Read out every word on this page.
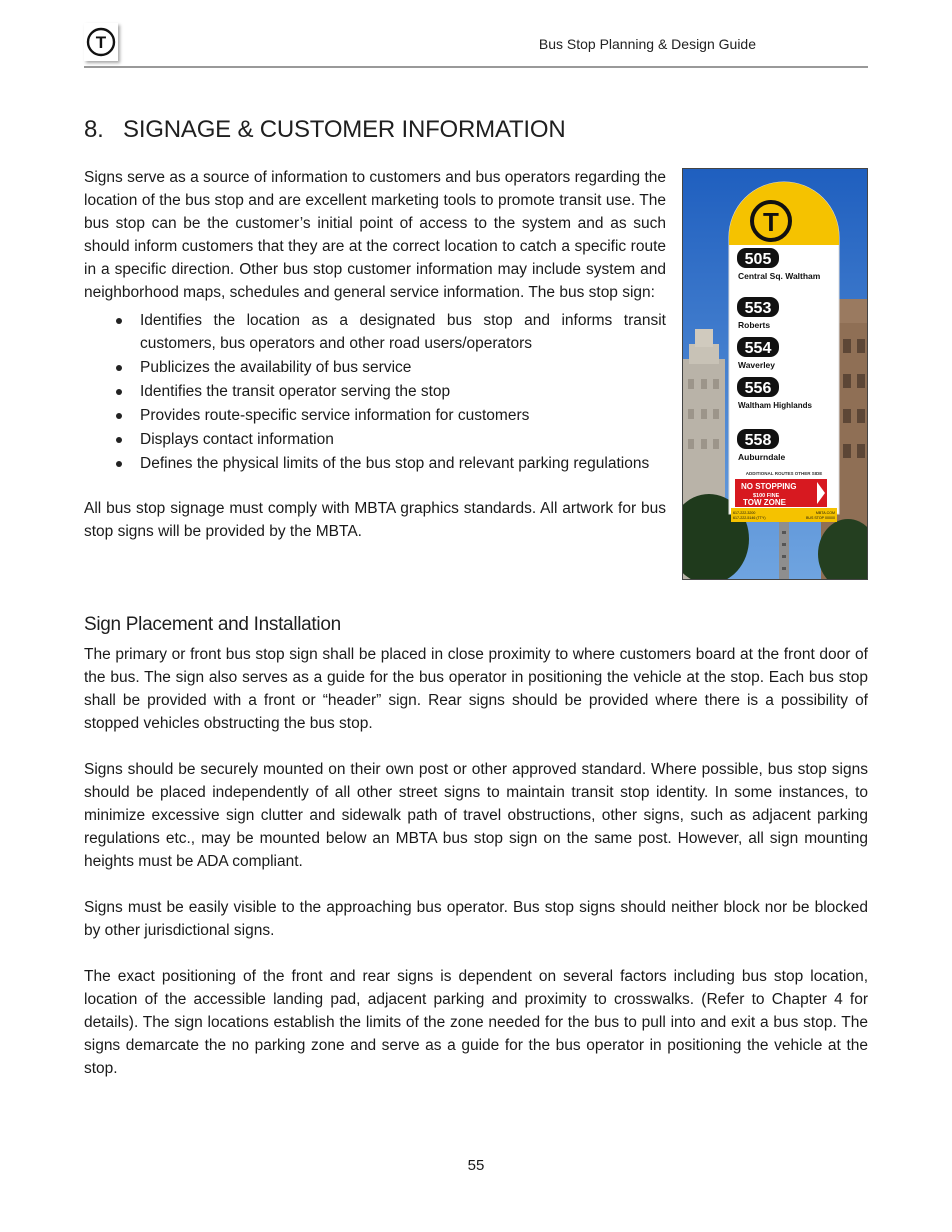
T	Bus Stop Planning & Design Guide
8.   SIGNAGE & CUSTOMER INFORMATION

Signs serve as a source of information to customers and bus operators regarding the location of the bus stop and are excellent marketing tools to promote transit use. The bus stop can be the customer’s initial point of access to the system and as such should inform customers that they are at the correct location to catch a specific route in a specific direction. Other bus stop customer information may include system and neighborhood maps, schedules and general service information. The bus stop sign:

Identifies the location as a designated bus stop and informs transit customers, bus operators and other road users/operators
Publicizes the availability of bus service
Identifies the transit operator serving the stop
Provides route-specific service information for customers
Displays contact information
Defines the physical limits of the bus stop and relevant parking regulations

All bus stop signage must comply with MBTA graphics standards. All artwork for bus stop signs will be provided by the MBTA.

T
505
Central Sq. Waltham
553
Roberts
554
Waverley
556
Waltham Highlands
558
Auburndale
ADDITIONAL ROUTES OTHER SIDE
NO STOPPING
$100 FINE
TOW ZONE
617-222-3200
617-222-5146 (TTY)
MBTA.COM
BUS STOP 00000
Sign Placement and Installation

The primary or front bus stop sign shall be placed in close proximity to where customers board at the front door of the bus. The sign also serves as a guide for the bus operator in positioning the vehicle at the stop. Each bus stop shall be provided with a front or “header” sign. Rear signs should be provided where there is a possibility of stopped vehicles obstructing the bus stop.

Signs should be securely mounted on their own post or other approved standard. Where possible, bus stop signs should be placed independently of all other street signs to maintain transit stop identity. In some instances, to minimize excessive sign clutter and sidewalk path of travel obstructions, other signs, such as adjacent parking regulations etc., may be mounted below an MBTA bus stop sign on the same post. However, all sign mounting heights must be ADA compliant.

Signs must be easily visible to the approaching bus operator. Bus stop signs should neither block nor be blocked by other jurisdictional signs.

The exact positioning of the front and rear signs is dependent on several factors including bus stop location, location of the accessible landing pad, adjacent parking and proximity to crosswalks. (Refer to Chapter 4 for details). The sign locations establish the limits of the zone needed for the bus to pull into and exit a bus stop. The signs demarcate the no parking zone and serve as a guide for the bus operator in positioning the vehicle at the stop.

55
